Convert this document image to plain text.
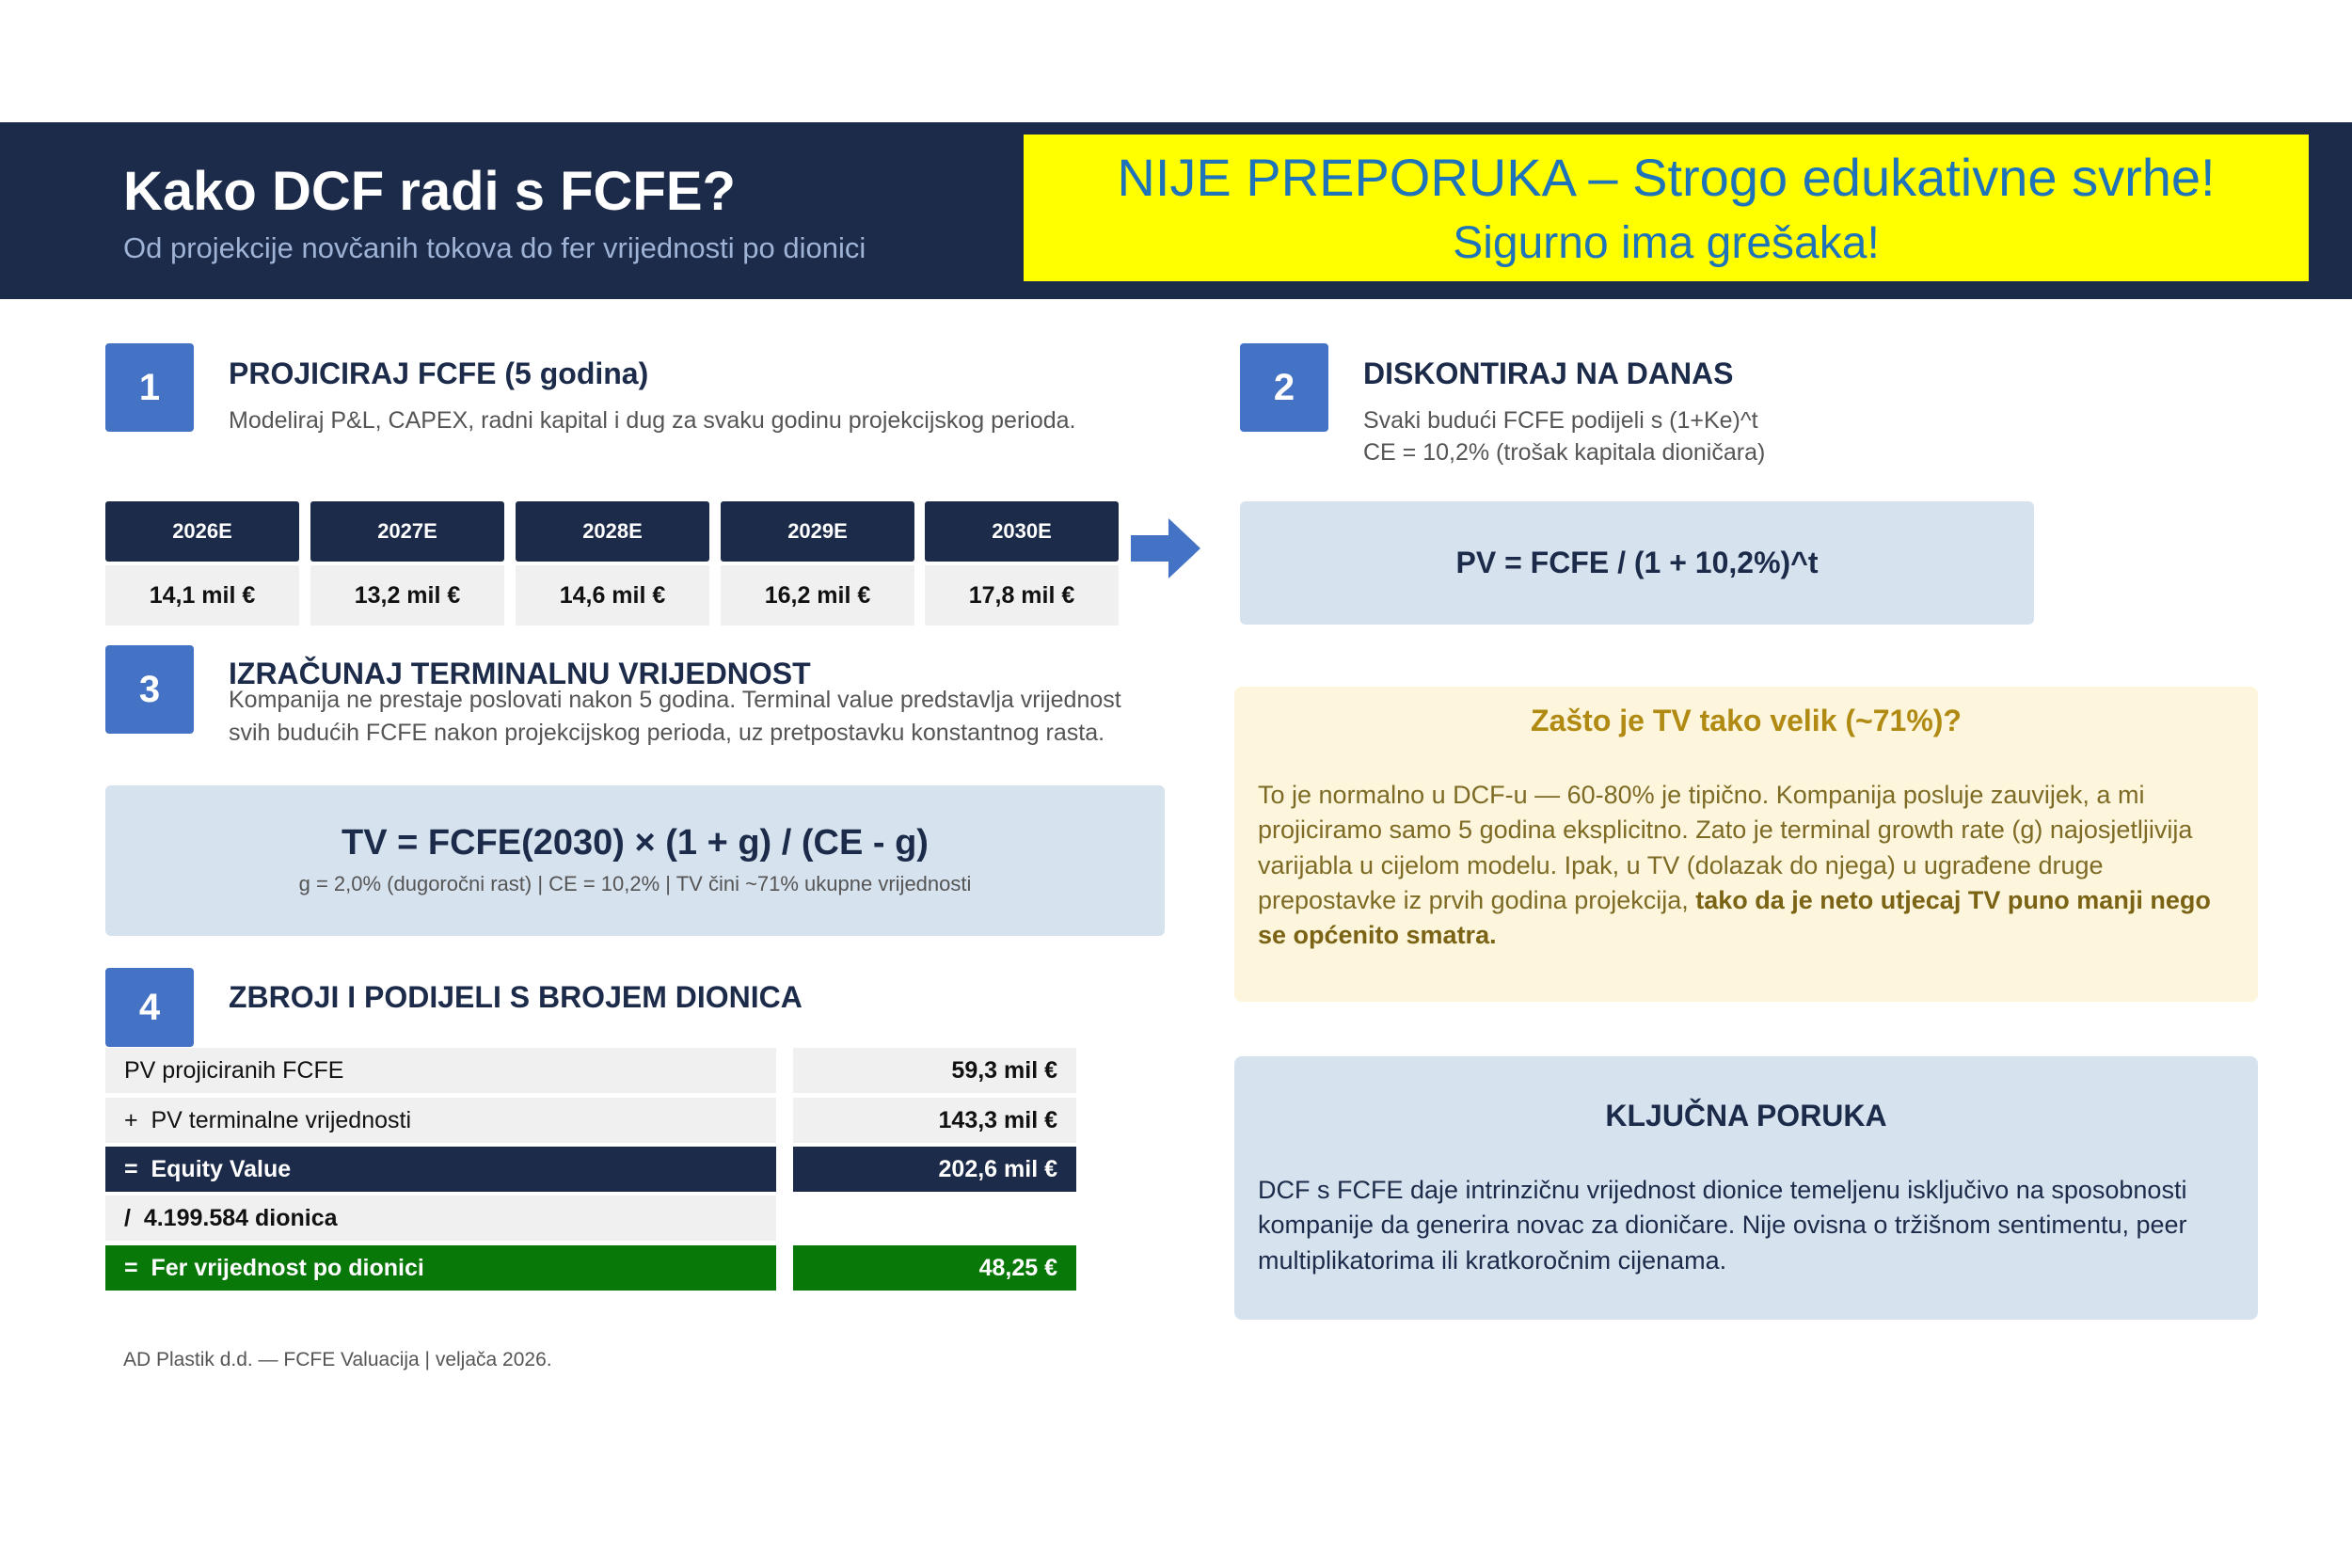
Kako DCF radi s FCFE?
Od projekcije novčanih tokova do fer vrijednosti po dionici
NIJE PREPORUKA – Strogo edukativne svrhe!
Sigurno ima grešaka!
1	PROJICIRAJ FCFE (5 godina)
Modeliraj P&L, CAPEX, radni kapital i dug za svaku godinu projekcijskog perioda.
2026E	2027E	2028E	2029E	2030E
14,1 mil €	13,2 mil €	14,6 mil €	16,2 mil €	17,8 mil €
2	DISKONTIRAJ NA DANAS
Svaki budući FCFE podijeli s (1+Ke)^t
CE = 10,2% (trošak kapitala dioničara)
PV = FCFE / (1 + 10,2%)^t
3	IZRAČUNAJ TERMINALNU VRIJEDNOST
Kompanija ne prestaje poslovati nakon 5 godina. Terminal value predstavlja vrijednost
svih budućih FCFE nakon projekcijskog perioda, uz pretpostavku konstantnog rasta.
TV = FCFE(2030) × (1 + g) / (CE - g)
g = 2,0% (dugoročni rast) | CE = 10,2% | TV čini ~71% ukupne vrijednosti
4	ZBROJI I PODIJELI S BROJEM DIONICA
PV projiciranih FCFE	59,3 mil €
+  PV terminalne vrijednosti	143,3 mil €
=  Equity Value	202,6 mil €
/  4.199.584 dionica
=  Fer vrijednost po dionici	48,25 €
AD Plastik d.d. — FCFE Valuacija | veljača 2026.
Zašto je TV tako velik (~71%)?
To je normalno u DCF-u — 60-80% je tipično. Kompanija posluje zauvijek, a mi projiciramo samo 5 godina eksplicitno. Zato je terminal growth rate (g) najosjetljivija varijabla u cijelom modelu. Ipak, u TV (dolazak do njega) u ugrađene druge prepostavke iz prvih godina projekcija, tako da je neto utjecaj TV puno manji nego se općenito smatra.
KLJUČNA PORUKA
DCF s FCFE daje intrinzičnu vrijednost dionice temeljenu isključivo na sposobnosti kompanije da generira novac za dioničare. Nije ovisna o tržišnom sentimentu, peer multiplikatorima ili kratkoročnim cijenama.
